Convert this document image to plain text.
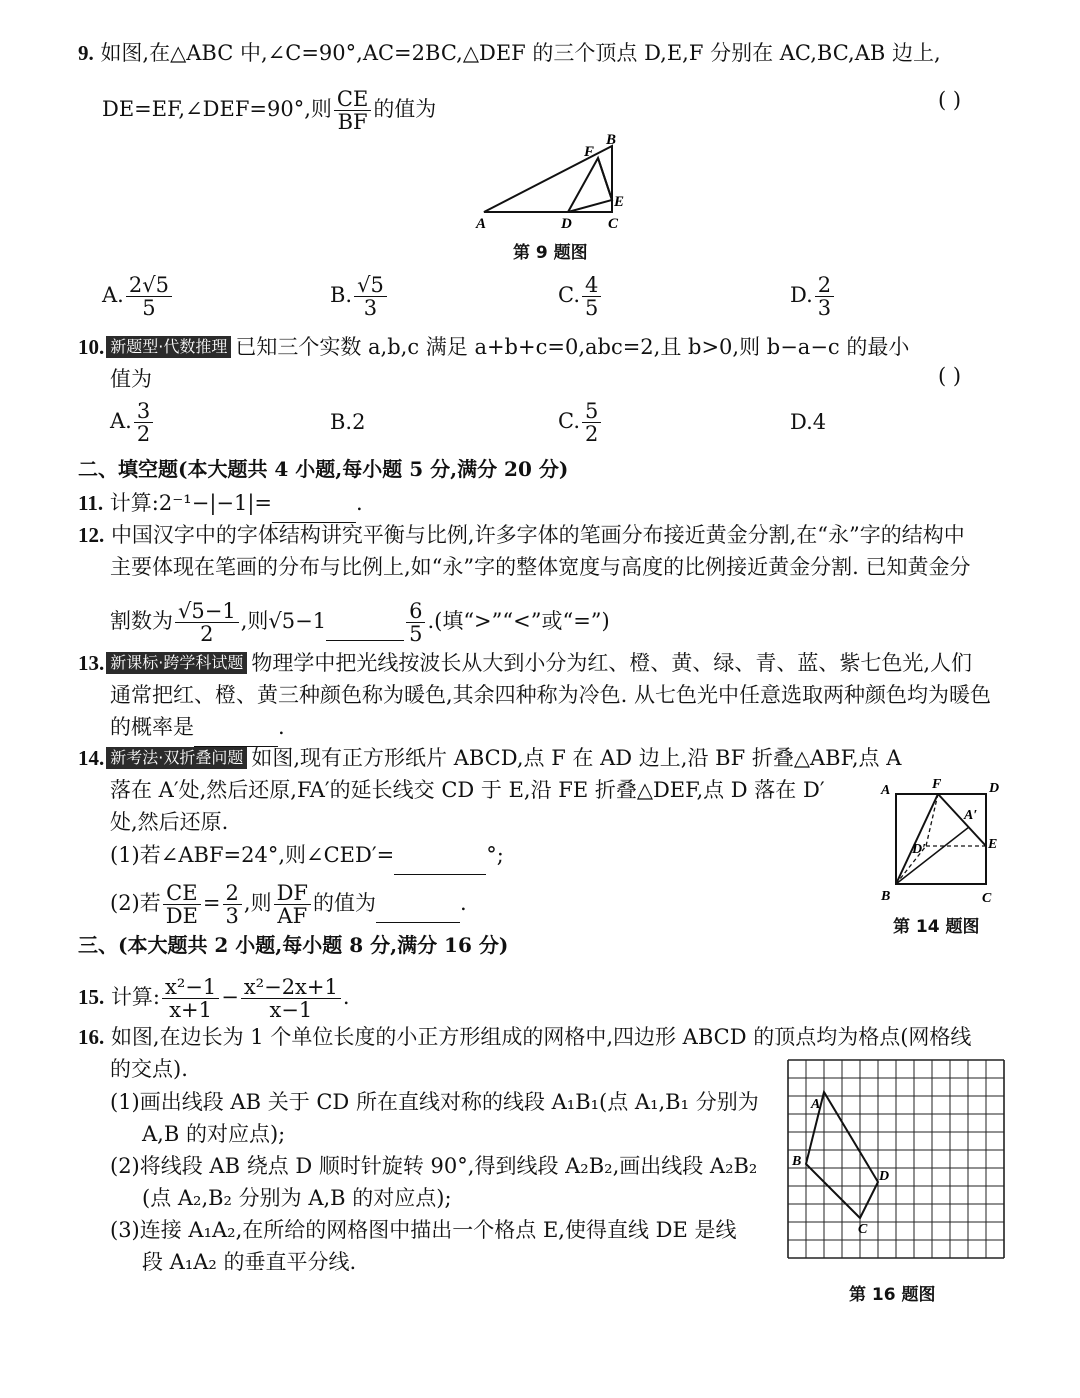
9. 如图,在△ABC 中,∠C=90°,AC=2BC,△DEF 的三个顶点 D,E,F 分别在 AC,BC,AB 边上,
DE=EF,∠DEF=90°,则 $\frac{CE}{BF}$ 的值为	( )
A
B
C
D
E
F
第 9 题图
A. $\frac{2√5}{5}$	B. $\frac{√5}{3}$	C. $\frac{4}{5}$	D. $\frac{2}{3}$
10. 新题型·代数推理 已知三个实数 a,b,c 满足 a+b+c=0,abc=2,且 b>0,则 b−a−c 的最小
值为	( )
A. $\frac{3}{2}$	B.2	C. $\frac{5}{2}$	D.4
二、填空题(本大题共 4 小题,每小题 5 分,满分 20 分)
11. 计算:2⁻¹−|−1|=	.
12. 中国汉字中的字体结构讲究平衡与比例,许多字体的笔画分布接近黄金分割,在“永”字的结构中
主要体现在笔画的分布与比例上,如“永”字的整体宽度与高度的比例接近黄金分割. 已知黄金分
割数为 $\frac{√5-1}{2}$ ,则√5−1	$\frac{6}{5}$ .(填“>”“<”或“=”)
13. 新课标·跨学科试题 物理学中把光线按波长从大到小分为红、橙、黄、绿、青、蓝、紫七色光,人们
通常把红、橙、黄三种颜色称为暖色,其余四种称为冷色. 从七色光中任意选取两种颜色均为暖色
的概率是	.
14. 新考法·双折叠问题 如图,现有正方形纸片 ABCD,点 F 在 AD 边上,沿 BF 折叠△ABF,点 A
落在 A′处,然后还原,FA′的延长线交 CD 于 E,沿 FE 折叠△DEF,点 D 落在 D′
处,然后还原.
(1)若∠ABF=24°,则∠CED′=	°;
(2)若 $\frac{CE}{DE} = \frac{2}{3}$ ,则 $\frac{DF}{AF}$ 的值为	.
A	F	D
A′
E
D′
B	C
第 14 题图
三、(本大题共 2 小题,每小题 8 分,满分 16 分)
15. 计算: $\frac{\text{x²−1}}{x+1} - \frac{\text{x²−2x+1}}{x-1}$ .
16. 如图,在边长为 1 个单位长度的小正方形组成的网格中,四边形 ABCD 的顶点均为格点(网格线
的交点).
(1)画出线段 AB 关于 CD 所在直线对称的线段 A₁B₁(点 A₁,B₁ 分别为
A,B 的对应点);
(2)将线段 AB 绕点 D 顺时针旋转 90°,得到线段 A₂B₂,画出线段 A₂B₂
(点 A₂,B₂ 分别为 A,B 的对应点);
(3)连接 A₁A₂,在所给的网格图中描出一个格点 E,使得直线 DE 是线
段 A₁A₂ 的垂直平分线.
A
B
D
C
第 16 题图
